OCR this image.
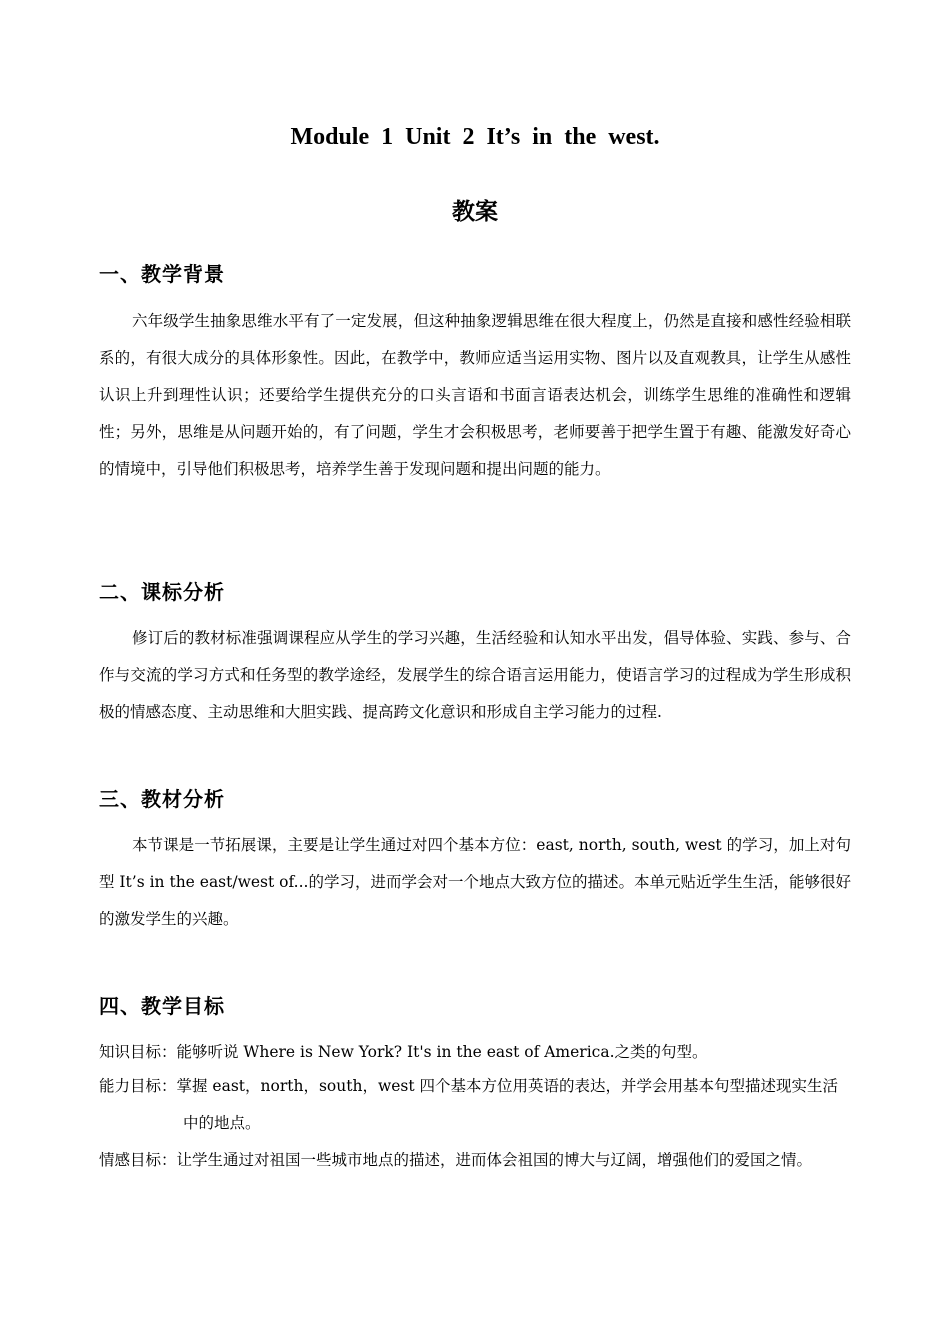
Module 1 Unit 2 It’s in the west.
教案
一、教学背景

六年级学生抽象思维水平有了一定发展，但这种抽象逻辑思维在很大程度上，仍然是直接和感性经验相联系的，有很大成分的具体形象性。因此，在教学中，教师应适当运用实物、图片以及直观教具，让学生从感性认识上升到理性认识；还要给学生提供充分的口头言语和书面言语表达机会，训练学生思维的准确性和逻辑性；另外，思维是从问题开始的，有了问题，学生才会积极思考，老师要善于把学生置于有趣、能激发好奇心的情境中，引导他们积极思考，培养学生善于发现问题和提出问题的能力。

二、课标分析

修订后的教材标准强调课程应从学生的学习兴趣，生活经验和认知水平出发，倡导体验、实践、参与、合作与交流的学习方式和任务型的教学途经，发展学生的综合语言运用能力，使语言学习的过程成为学生形成积极的情感态度、主动思维和大胆实践、提高跨文化意识和形成自主学习能力的过程.

三、教材分析

本节课是一节拓展课，主要是让学生通过对四个基本方位：east, north, south, west 的学习，加上对句型 It’s in the east/west of...的学习，进而学会对一个地点大致方位的描述。本单元贴近学生生活，能够很好的激发学生的兴趣。

四、教学目标

知识目标：能够听说 Where is New York? It's in the east of America.之类的句型。

能力目标：掌握 east，north，south，west 四个基本方位用英语的表达，并学会用基本句型描述现实生活中的地点。

情感目标：让学生通过对祖国一些城市地点的描述，进而体会祖国的博大与辽阔，增强他们的爱国之情。
